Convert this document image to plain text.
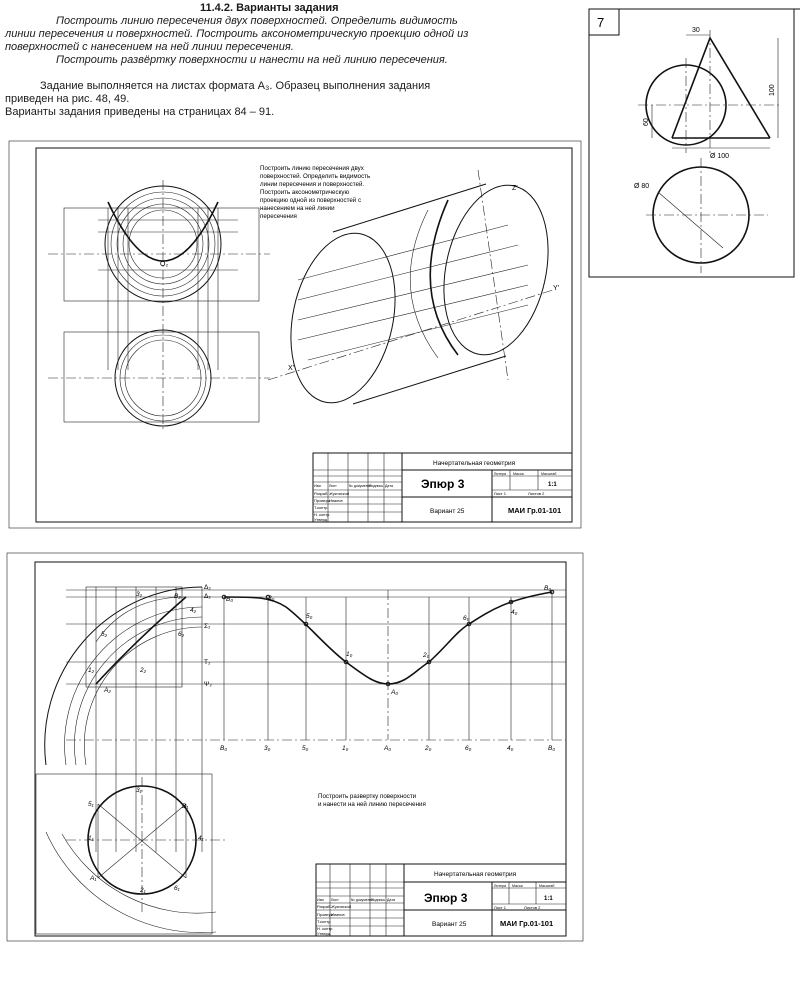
11.4.2. Варианты задания
Построить линию пересечения двух поверхностей. Определить видимость
линии пересечения и поверхностей. Построить аксонометрическую проекцию одной из
поверхностей с нанесением на ней линии пересечения.
Построить развёртку поверхности и нанести на ней линию пересечения.
Задание выполняется на листах формата А₃. Образец выполнения задания
приведен на рис. 48, 49.
Варианты задания приведены на страницах 84 – 91.
7
30
60
100
Ø 100
Ø 80
O₂
Построить линию пересечения двух
поверхностей. Определить видимость
линии пересечения и поверхностей.
Построить аксонометрическую
проекцию одной из поверхностей с
нанесением на ней линии
пересечения
Z'
Y'
X'
Изм Лист	№ документа
Подпись Дата
Разраб.
Провери
Т.контр.
Н. контр.
Утверд.
Жуковский
Иванов
Начертательная геометрия
Эпюр 3
Вариант 25	МАИ Гр.01-101
Литера Масса	Масштаб
1:1
Лист 1	Листов 2
Δ₂
Δ₂
Σ₂
T₂
Ψ₂
B₀	3₀
5₀
1₀
A₀
2₀
6₀
4₀
B₀
B₀	3₀	5₀	1₀	A₀	2₀	6₀	4₀	B₀
3₂	B₂
4₂
5₂	6₂
1₂	2₂
A₂
3₁
5₁	B₁
1₁	4₁
A₁
2₁	6₁
Построить развертку поверхности
и нанести на ней линию пересечения
Изм Лист	№ документа
Подпись Дата
Разраб.
Провери
Т.контр.
Н. контр.
Утверд.
Жуковский
Иванов
Начертательная геометрия
Эпюр 3
Вариант 25	МАИ Гр.01-101
Литера Масса	Масштаб
1:1
Лист 1	Листов 2
